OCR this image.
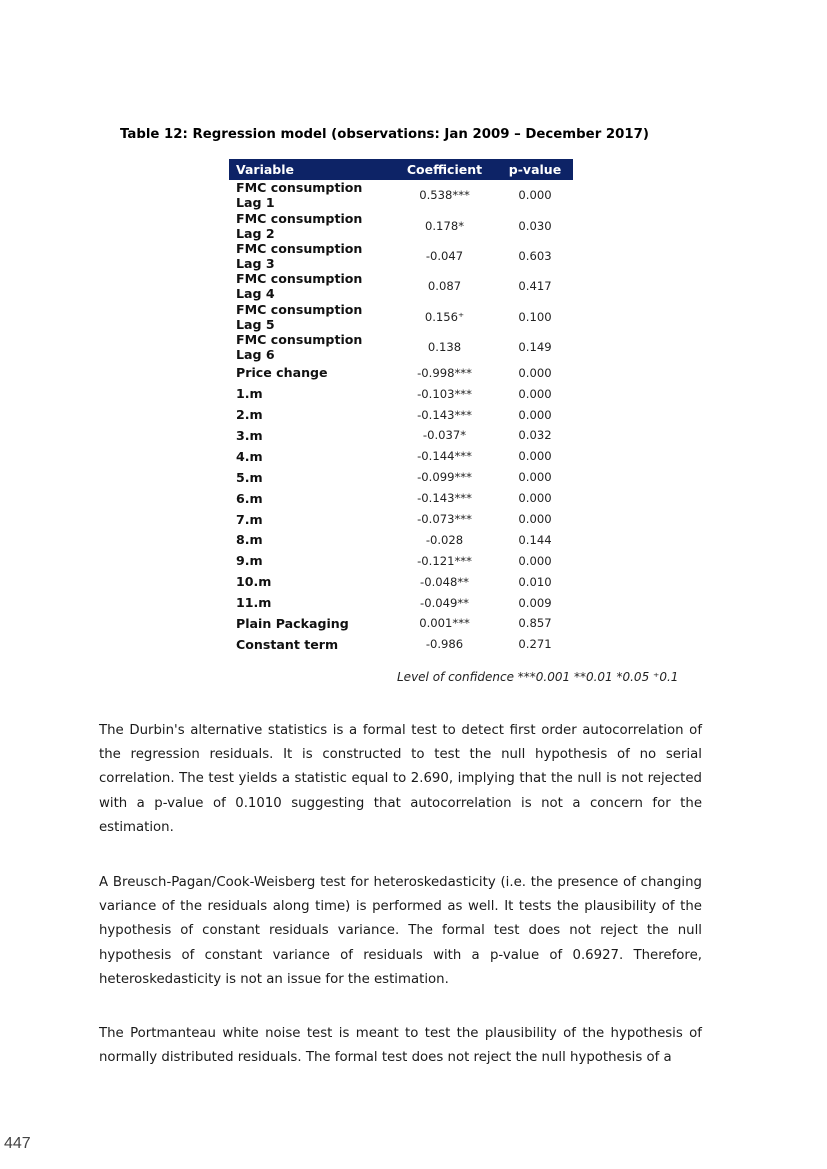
Table 12: Regression model (observations: Jan 2009 – December 2017)
Variable	Coefficient	p-value

FMC consumption
Lag 1	0.538***	0.000

FMC consumption
Lag 2	0.178*	0.030

FMC consumption
Lag 3	-0.047	0.603

FMC consumption
Lag 4	0.087	0.417

FMC consumption
Lag 5	0.156⁺	0.100

FMC consumption
Lag 6	0.138	0.149

Price change	-0.998***	0.000

1.m	-0.103***	0.000

2.m	-0.143***	0.000

3.m	-0.037*	0.032

4.m	-0.144***	0.000

5.m	-0.099***	0.000

6.m	-0.143***	0.000

7.m	-0.073***	0.000

8.m	-0.028	0.144

9.m	-0.121***	0.000

10.m	-0.048**	0.010

11.m	-0.049**	0.009

Plain Packaging	0.001***	0.857

Constant term	-0.986	0.271
Level of confidence ***0.001 **0.01 *0.05 ⁺0.1

The Durbin's alternative statistics is a formal test to detect first order autocorrelation of the regression residuals. It is constructed to test the null hypothesis of no serial correlation. The test yields a statistic equal to 2.690, implying that the null is not rejected with a p-value of 0.1010 suggesting that autocorrelation is not a concern for the estimation.

A Breusch-Pagan/Cook-Weisberg test for heteroskedasticity (i.e. the presence of changing variance of the residuals along time) is performed as well. It tests the plausibility of the hypothesis of constant residuals variance. The formal test does not reject the null hypothesis of constant variance of residuals with a p-value of 0.6927. Therefore, heteroskedasticity is not an issue for the estimation.

The Portmanteau white noise test is meant to test the plausibility of the hypothesis of normally distributed residuals. The formal test does not reject the null hypothesis of a

447
